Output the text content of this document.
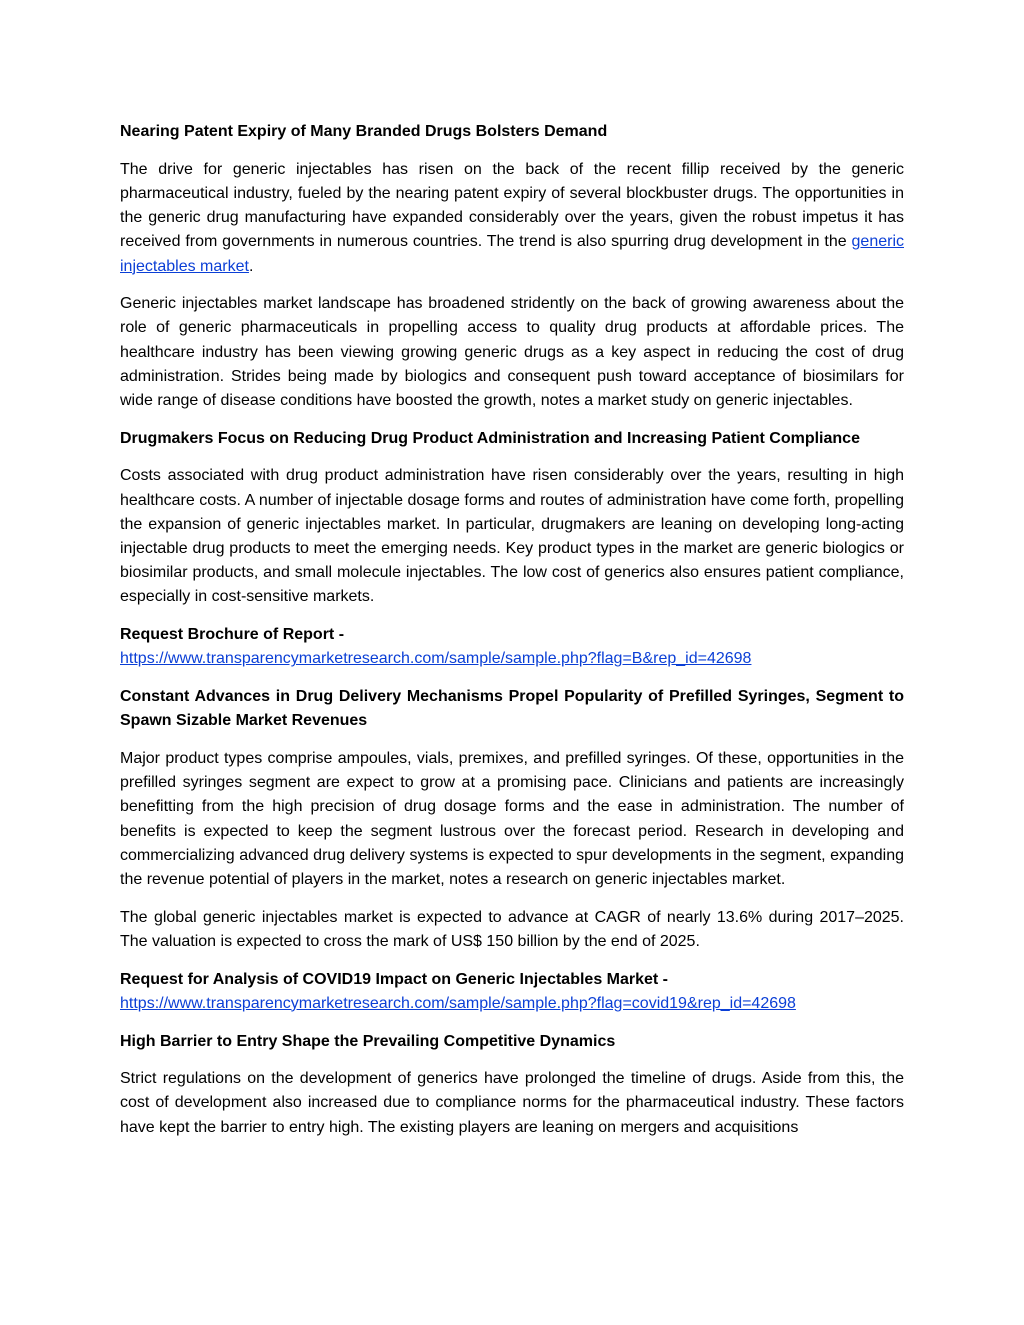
Nearing Patent Expiry of Many Branded Drugs Bolsters Demand

The drive for generic injectables has risen on the back of the recent fillip received by the generic pharmaceutical industry, fueled by the nearing patent expiry of several blockbuster drugs. The opportunities in the generic drug manufacturing have expanded considerably over the years, given the robust impetus it has received from governments in numerous countries. The trend is also spurring drug development in the generic injectables market.

Generic injectables market landscape has broadened stridently on the back of growing awareness about the role of generic pharmaceuticals in propelling access to quality drug products at affordable prices. The healthcare industry has been viewing growing generic drugs as a key aspect in reducing the cost of drug administration. Strides being made by biologics and consequent push toward acceptance of biosimilars for wide range of disease conditions have boosted the growth, notes a market study on generic injectables.

Drugmakers Focus on Reducing Drug Product Administration and Increasing Patient Compliance

Costs associated with drug product administration have risen considerably over the years, resulting in high healthcare costs. A number of injectable dosage forms and routes of administration have come forth, propelling the expansion of generic injectables market. In particular, drugmakers are leaning on developing long-acting injectable drug products to meet the emerging needs. Key product types in the market are generic biologics or biosimilar products, and small molecule injectables. The low cost of generics also ensures patient compliance, especially in cost-sensitive markets.

Request Brochure of Report -

https://www.transparencymarketresearch.com/sample/sample.php?flag=B&rep_id=42698

Constant Advances in Drug Delivery Mechanisms Propel Popularity of Prefilled Syringes, Segment to Spawn Sizable Market Revenues

Major product types comprise ampoules, vials, premixes, and prefilled syringes. Of these, opportunities in the prefilled syringes segment are expect to grow at a promising pace. Clinicians and patients are increasingly benefitting from the high precision of drug dosage forms and the ease in administration. The number of benefits is expected to keep the segment lustrous over the forecast period. Research in developing and commercializing advanced drug delivery systems is expected to spur developments in the segment, expanding the revenue potential of players in the market, notes a research on generic injectables market.

The global generic injectables market is expected to advance at CAGR of nearly 13.6% during 2017–2025. The valuation is expected to cross the mark of US$ 150 billion by the end of 2025.

Request for Analysis of COVID19 Impact on Generic Injectables Market -

https://www.transparencymarketresearch.com/sample/sample.php?flag=covid19&rep_id=42698

High Barrier to Entry Shape the Prevailing Competitive Dynamics

Strict regulations on the development of generics have prolonged the timeline of drugs. Aside from this, the cost of development also increased due to compliance norms for the pharmaceutical industry. These factors have kept the barrier to entry high. The existing players are leaning on mergers and acquisitions
